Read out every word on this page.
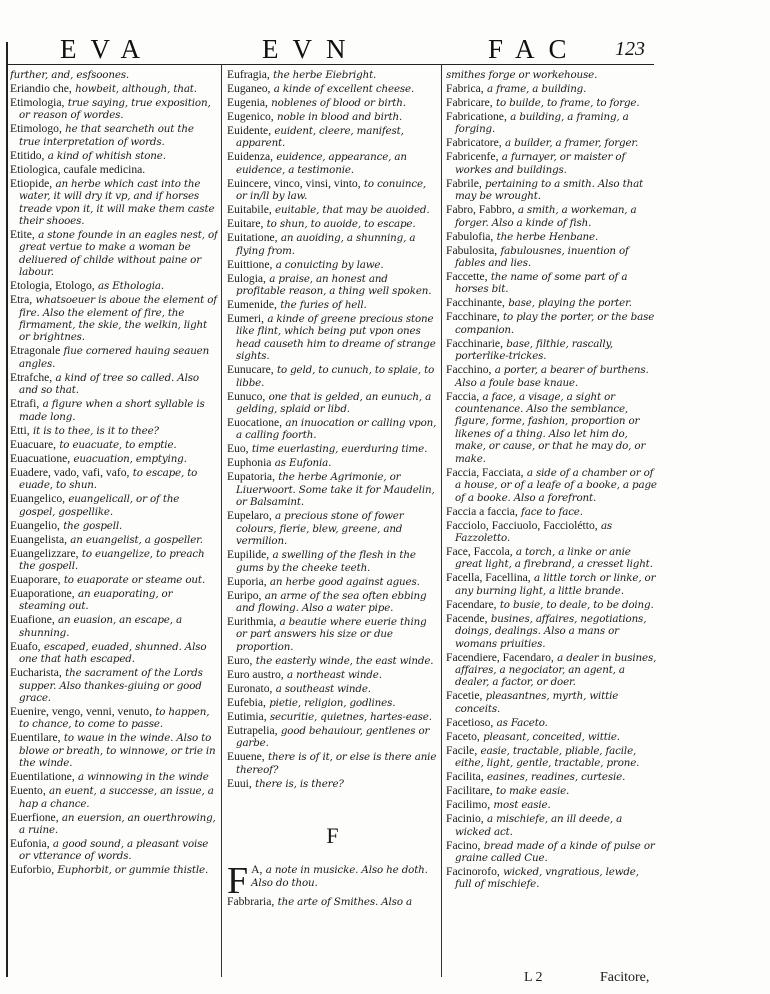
EVA	EVN	FAC 123
further, and, esfsoones.
Eriandio che, howbeit, although, that.
Etimologia, true saying, true exposition, or reason of wordes.
Etimologo, he that searcheth out the true interpretation of words.
Etitido, a kind of whitish stone.
Etiologica, caufale medicina.
Etiopide, an herbe which cast into the water, it will dry it vp, and if horses treade vpon it, it will make them caste their shooes.
Etite, a stone founde in an eagles nest, of great vertue to make a woman be deliuered of childe without paine or labour.
Etologia, Etologo, as Ethologia.
Etra, whatsoeuer is aboue the element of fire. Also the element of fire, the firmament, the skie, the welkin, light or brightnes.
Etragonale fiue cornered hauing seauen angles.
Etrafche, a kind of tree so called. Also and so that.
Etrafi, a figure when a short syllable is made long.
Etti, it is to thee, is it to thee?
Euacuare, to euacuate, to emptie.
Euacuatione, euacuation, emptying.
Euadere, vado, vafi, vafo, to escape, to euade, to shun.
Euangelico, euangelicall, or of the gospel, gospellike.
Euangelio, the gospell.
Euangelista, an euangelist, a gospeller.
Euangelizzare, to euangelize, to preach the gospell.
Euaporare, to euaporate or steame out.
Euaporatione, an euaporating, or steaming out.
Euafione, an euasion, an escape, a shunning.
Euafo, escaped, euaded, shunned. Also one that hath escaped.
Eucharista, the sacrament of the Lords supper. Also thankes-giuing or good grace.
Euenire, vengo, venni, venuto, to happen, to chance, to come to passe.
Euentilare, to waue in the winde. Also to blowe or breath, to winnowe, or trie in the winde.
Euentilatione, a winnowing in the winde
Euento, an euent, a successe, an issue, a hap a chance.
Euerfione, an euersion, an ouerthrowing, a ruine.
Eufonia, a good sound, a pleasant voise or vtterance of words.
Euforbio, Euphorbit, or gummie thistle.
Eufragia, the herbe Eiebright.
Euganeo, a kinde of excellent cheese.
Eugenia, noblenes of blood or birth.
Eugenico, noble in blood and birth.
Euidente, euident, cleere, manifest, apparent.
Euidenza, euidence, appearance, an euidence, a testimonie.
Euincere, vinco, vinsi, vinto, to conuince, or in/ll by law.
Euitabile, euitable, that may be auoided.
Euitare, to shun, to auoide, to escape.
Euitatione, an auoiding, a shunning, a flying from.
Euittione, a conuicting by lawe.
Eulogia, a praise, an honest and profitable reason, a thing well spoken.
Eumenide, the furies of hell.
Eumeri, a kinde of greene precious stone like flint, which being put vpon ones head causeth him to dreame of strange sights.
Eunucare, to geld, to cunuch, to splaie, to libbe.
Eunuco, one that is gelded, an eunuch, a gelding, splaid or libd.
Euocatione, an inuocation or calling vpon, a calling foorth.
Euo, time euerlasting, euerduring time.
Euphonia as Eufonia.
Eupatoria, the herbe Agrimonie, or Liuerwoort. Some take it for Maudelin, or Balsamint.
Eupelaro, a precious stone of fower colours, fierie, blew, greene, and vermilion.
Eupilide, a swelling of the flesh in the gums by the cheeke teeth.
Euporia, an herbe good against agues.
Euripo, an arme of the sea often ebbing and flowing. Also a water pipe.
Eurithmia, a beautie where euerie thing or part answers his size or due proportion.
Euro, the easterly winde, the east winde.
Euro austro, a northeast winde.
Euronato, a southeast winde.
Eufebia, pietie, religion, godlines.
Eutimia, securitie, quietnes, hartes-ease.
Eutrapelia, good behauiour, gentlenes or garbe.
Euuene, there is of it, or else is there anie thereof?
Euui, there is, is there?
F
F A, a note in musicke. Also he doth. Also do thou.
Fabbraria, the arte of Smithes. Also a
smithes forge or workehouse.
Fabrica, a frame, a building.
Fabricare, to builde, to frame, to forge.
Fabricatione, a building, a framing, a forging.
Fabricatore, a builder, a framer, forger.
Fabricenfe, a furnayer, or maister of workes and buildings.
Fabrile, pertaining to a smith. Also that may be wrought.
Fabro, Fabbro, a smith, a workeman, a forger. Also a kinde of fish.
Fabulofia, the herbe Henbane.
Fabulosita, fabulousnes, inuention of fables and lies.
Faccette, the name of some part of a horses bit.
Facchinante, base, playing the porter.
Facchinare, to play the porter, or the base companion.
Facchinarie, base, filthie, rascally, porterlike-trickes.
Facchino, a porter, a bearer of burthens. Also a foule base knaue.
Faccia, a face, a visage, a sight or countenance. Also the semblance, figure, forme, fashion, proportion or likenes of a thing. Also let him do, make, or cause, or that he may do, or make.
Faccia, Facciata, a side of a chamber or of a house, or of a leafe of a booke, a page of a booke. Also a forefront.
Faccia a faccia, face to face.
Facciolo, Facciuolo, Facciolétto, as Fazzoletto.
Face, Faccola, a torch, a linke or anie great light, a firebrand, a cresset light.
Facella, Facellina, a little torch or linke, or any burning light, a little brande.
Facendare, to busie, to deale, to be doing.
Facende, busines, affaires, negotiations, doings, dealings. Also a mans or womans priuities.
Facendiere, Facendaro, a dealer in busines, affaires, a negociator, an agent, a dealer, a factor, or doer.
Facetie, pleasantnes, myrth, wittie conceits.
Facetioso, as Faceto.
Faceto, pleasant, conceited, wittie.
Facile, easie, tractable, pliable, facile, eithe, light, gentle, tractable, prone.
Facilita, easines, readines, curtesie.
Facilitare, to make easie.
Facilimo, most easie.
Facinio, a mischiefe, an ill deede, a wicked act.
Facino, bread made of a kinde of pulse or graine called Cue.
Facinorofo, wicked, vngratious, lewde, full of mischiefe.
L 2	Facitore,
